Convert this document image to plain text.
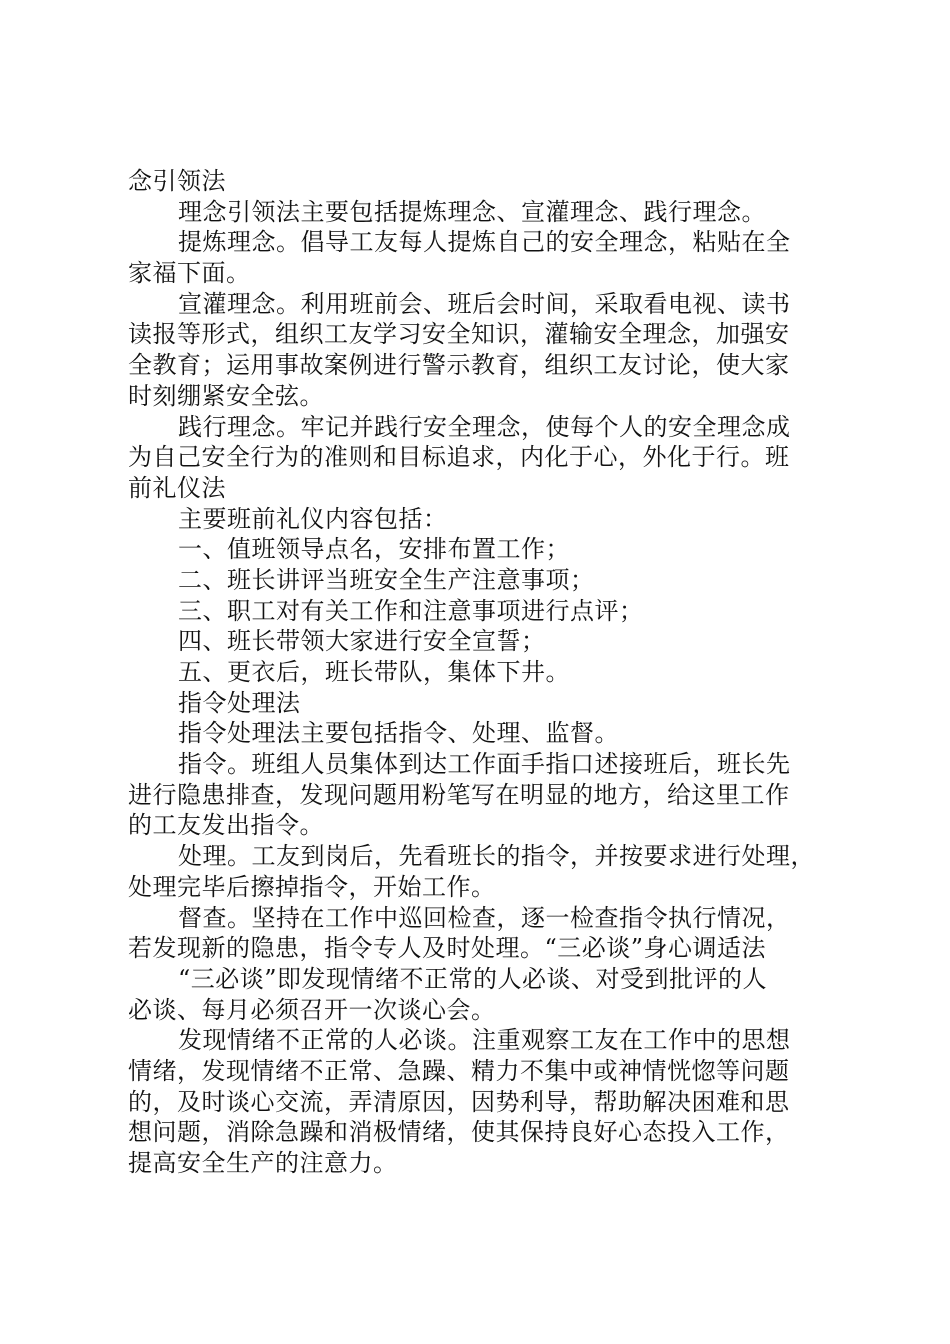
念引领法
理念引领法主要包括提炼理念、宣灌理念、践行理念。
提炼理念。倡导工友每人提炼自己的安全理念，粘贴在全
家福下面。
宣灌理念。利用班前会、班后会时间，采取看电视、读书
读报等形式，组织工友学习安全知识，灌输安全理念，加强安
全教育；运用事故案例进行警示教育，组织工友讨论，使大家
时刻绷紧安全弦。
践行理念。牢记并践行安全理念，使每个人的安全理念成
为自己安全行为的准则和目标追求，内化于心，外化于行。班
前礼仪法
主要班前礼仪内容包括：
一、值班领导点名，安排布置工作；
二、班长讲评当班安全生产注意事项；
三、职工对有关工作和注意事项进行点评；
四、班长带领大家进行安全宣誓；
五、更衣后，班长带队，集体下井。
指令处理法
指令处理法主要包括指令、处理、监督。
指令。班组人员集体到达工作面手指口述接班后，班长先
进行隐患排查，发现问题用粉笔写在明显的地方，给这里工作
的工友发出指令。
处理。工友到岗后，先看班长的指令，并按要求进行处理，
处理完毕后擦掉指令，开始工作。
督查。坚持在工作中巡回检查，逐一检查指令执行情况，
若发现新的隐患，指令专人及时处理。“三必谈”身心调适法
“三必谈”即发现情绪不正常的人必谈、对受到批评的人
必谈、每月必须召开一次谈心会。
发现情绪不正常的人必谈。注重观察工友在工作中的思想
情绪，发现情绪不正常、急躁、精力不集中或神情恍惚等问题
的，及时谈心交流，弄清原因，因势利导，帮助解决困难和思
想问题，消除急躁和消极情绪，使其保持良好心态投入工作，
提高安全生产的注意力。
